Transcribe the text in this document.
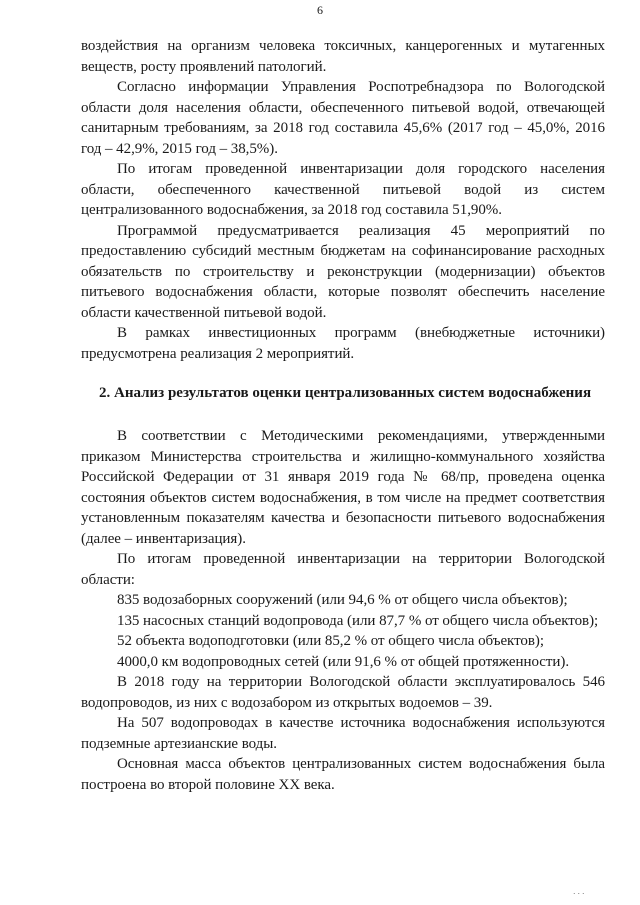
6

воздействия на организм человека токсичных, канцерогенных и мутагенных веществ, росту проявлений патологий.

Согласно информации Управления Роспотребнадзора по Вологодской области доля населения области, обеспеченного питьевой водой, отвечающей санитарным требованиям, за 2018 год составила 45,6% (2017 год – 45,0%, 2016 год – 42,9%, 2015 год – 38,5%).

По итогам проведенной инвентаризации доля городского населения области, обеспеченного качественной питьевой водой из систем централизованного водоснабжения, за 2018 год составила 51,90%.

Программой предусматривается реализация 45 мероприятий по предоставлению субсидий местным бюджетам на софинансирование расходных обязательств по строительству и реконструкции (модернизации) объектов питьевого водоснабжения области, которые позволят обеспечить население области качественной питьевой водой.

В рамках инвестиционных программ (внебюджетные источники) предусмотрена реализация 2 мероприятий.

2. Анализ результатов оценки централизованных систем водоснабжения

В соответствии с Методическими рекомендациями, утвержденными приказом Министерства строительства и жилищно-коммунального хозяйства Российской Федерации от 31 января 2019 года № 68/пр, проведена оценка состояния объектов систем водоснабжения, в том числе на предмет соответствия установленным показателям качества и безопасности питьевого водоснабжения (далее – инвентаризация).

По итогам проведенной инвентаризации на территории Вологодской области:

835 водозаборных сооружений (или 94,6 % от общего числа объектов);

135 насосных станций водопровода (или 87,7 % от общего числа объектов);

52 объекта водоподготовки (или 85,2 % от общего числа объектов);

4000,0 км водопроводных сетей (или 91,6 % от общей протяженности).

В 2018 году на территории Вологодской области эксплуатировалось 546 водопроводов, из них с водозабором из открытых водоемов – 39.

На 507 водопроводах в качестве источника водоснабжения используются подземные артезианские воды.

Основная масса объектов централизованных систем водоснабжения была построена во второй половине XX века.

˙˙˙
